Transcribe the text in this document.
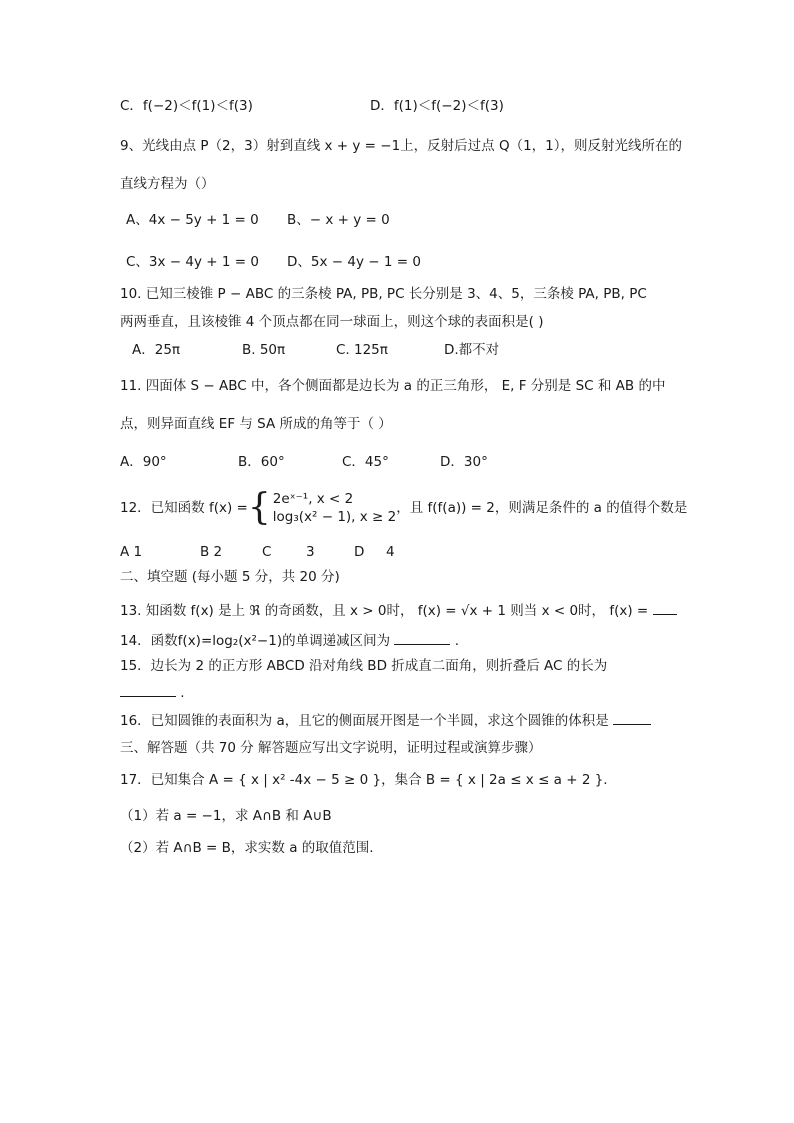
C．f(−2)＜f(1)＜f(3)	D．f(1)＜f(−2)＜f(3)
9、光线由点 P（2，3）射到直线 x + y = −1上，反射后过点 Q（1，1），则反射光线所在的
直线方程为（）
A、4x − 5y + 1 = 0 B、− x + y = 0
C、3x − 4y + 1 = 0 D、5x − 4y − 1 = 0
10. 已知三棱锥 P − ABC 的三条棱 PA, PB, PC 长分别是 3、4、5，三条棱 PA, PB, PC
两两垂直，且该棱锥 4 个顶点都在同一球面上，则这个球的表面积是( )
A．25π	B. 50π	C. 125π	D.都不对
11. 四面体 S − ABC 中，各个侧面都是边长为 a 的正三角形， E, F 分别是 SC 和 AB 的中
点，则异面直线 EF 与 SA 所成的角等于（ ）
A．90°	B．60°	C．45°	D．30°
12．已知函数 f(x) = { 2eˣ⁻¹, x < 2
log₃(x² − 1), x ≥ 2
，且 f(f(a)) = 2，则满足条件的 a 的值得个数是
A 1	B 2	C	3	D 4
二、填空题 (每小题 5 分，共 20 分)
13. 知函数 f(x) 是上 ℜ 的奇函数，且 x > 0时， f(x) = √x + 1 则当 x < 0时， f(x) =
14．函数f(x)=log₂(x²−1)的单调递减区间为	.
15．边长为 2 的正方形 ABCD 沿对角线 BD 折成直二面角，则折叠后 AC 的长为
.
16．已知圆锥的表面积为 a，且它的侧面展开图是一个半圆，求这个圆锥的体积是
三、解答题（共 70 分 解答题应写出文字说明，证明过程或演算步骤）
17．已知集合 A = { x | x² -4x − 5 ≥ 0 }，集合 B = { x | 2a ≤ x ≤ a + 2 }.
（1）若 a = −1，求 A∩B 和 A∪B
（2）若 A∩B = B，求实数 a 的取值范围.
